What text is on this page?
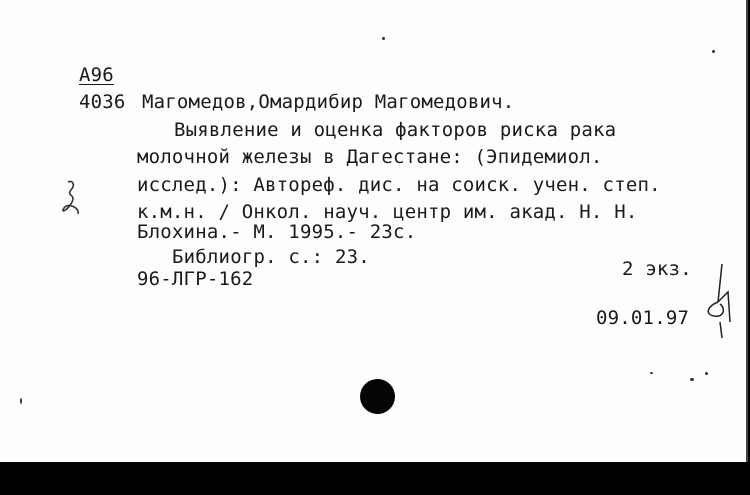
А96
4036 Магомедов,Омардибир Магомедович.
Выявление и оценка факторов риска рака
молочной железы в Дагестане: (Эпидемиол.
исслед.): Автореф. дис. на соиск. учен. степ.
к.м.н. / Онкол. науч. центр им. акад. Н. Н.
Блохина.- М. 1995.- 23с.
Библиогр. с.: 23.
2 экз.
96-ЛГР-162
09.01.97
